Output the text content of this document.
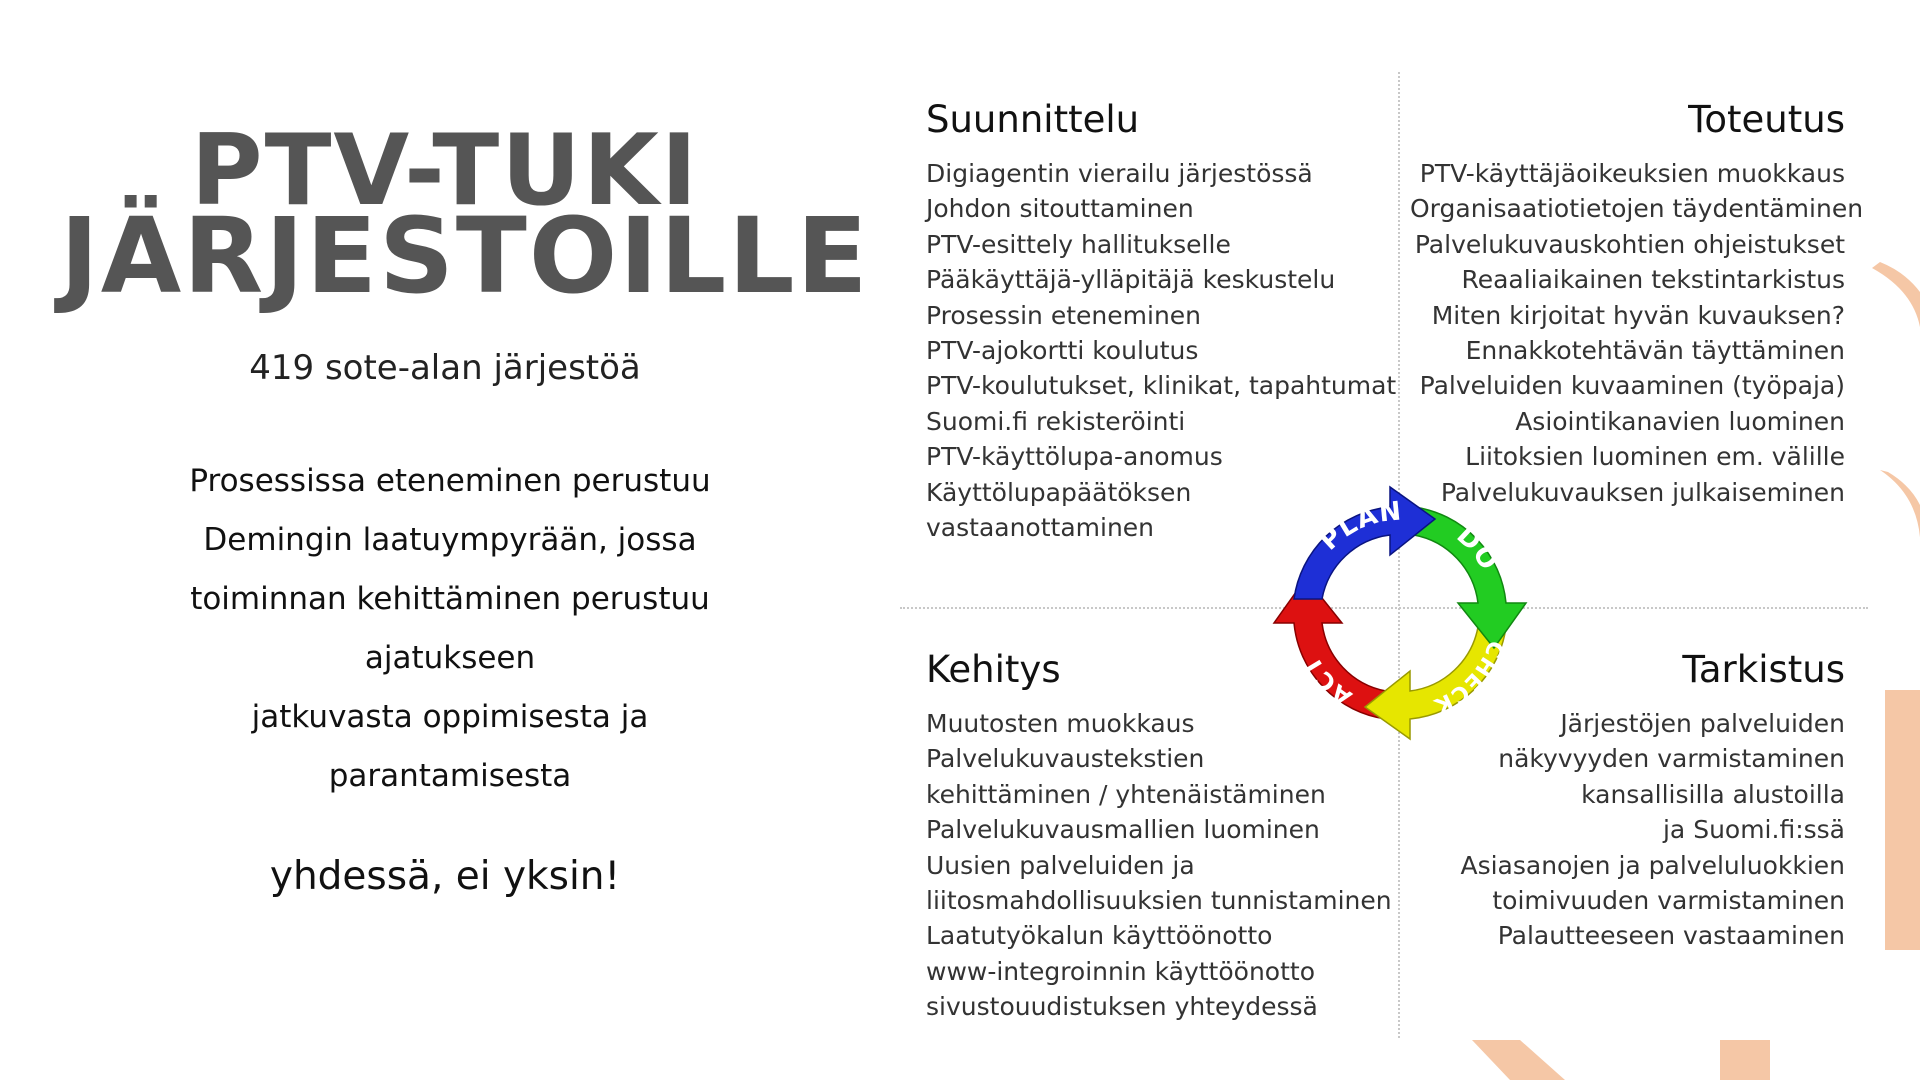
PTV-TUKI
JÄRJESTOILLE
419 sote-alan järjestöä

Prosessissa eteneminen perustuu

Demingin laatuympyrään, jossa

toiminnan kehittäminen perustuu

ajatukseen

jatkuvasta oppimisesta ja

parantamisesta

yhdessä, ei yksin!
Suunnittelu
Digiagentin vierailu järjestössä
Johdon sitouttaminen
PTV-esittely hallitukselle
Pääkäyttäjä-ylläpitäjä keskustelu
Prosessin eteneminen
PTV-ajokortti koulutus
PTV-koulutukset, klinikat, tapahtumat
Suomi.fi rekisteröinti
PTV-käyttölupa-anomus
Käyttölupapäätöksen
vastaanottaminen
Toteutus
PTV-käyttäjäoikeuksien muokkaus
Organisaatiotietojen täydentäminen
Palvelukuvauskohtien ohjeistukset
Reaaliaikainen tekstintarkistus
Miten kirjoitat hyvän kuvauksen?
Ennakkotehtävän täyttäminen
Palveluiden kuvaaminen (työpaja)
Asiointikanavien luominen
Liitoksien luominen em. välille
Palvelukuvauksen julkaiseminen
Kehitys
Muutosten muokkaus
Palvelukuvaustekstien
kehittäminen / yhtenäistäminen
Palvelukuvausmallien luominen
Uusien palveluiden ja
liitosmahdollisuuksien tunnistaminen
Laatutyökalun käyttöönotto
www-integroinnin käyttöönotto
sivustouudistuksen yhteydessä
Tarkistus
Järjestöjen palveluiden
näkyvyyden varmistaminen
kansallisilla alustoilla
ja Suomi.fi:ssä
Asiasanojen ja palveluluokkien
toimivuuden varmistaminen
Palautteeseen vastaaminen
PLAN
DO
CHECK
ACT
